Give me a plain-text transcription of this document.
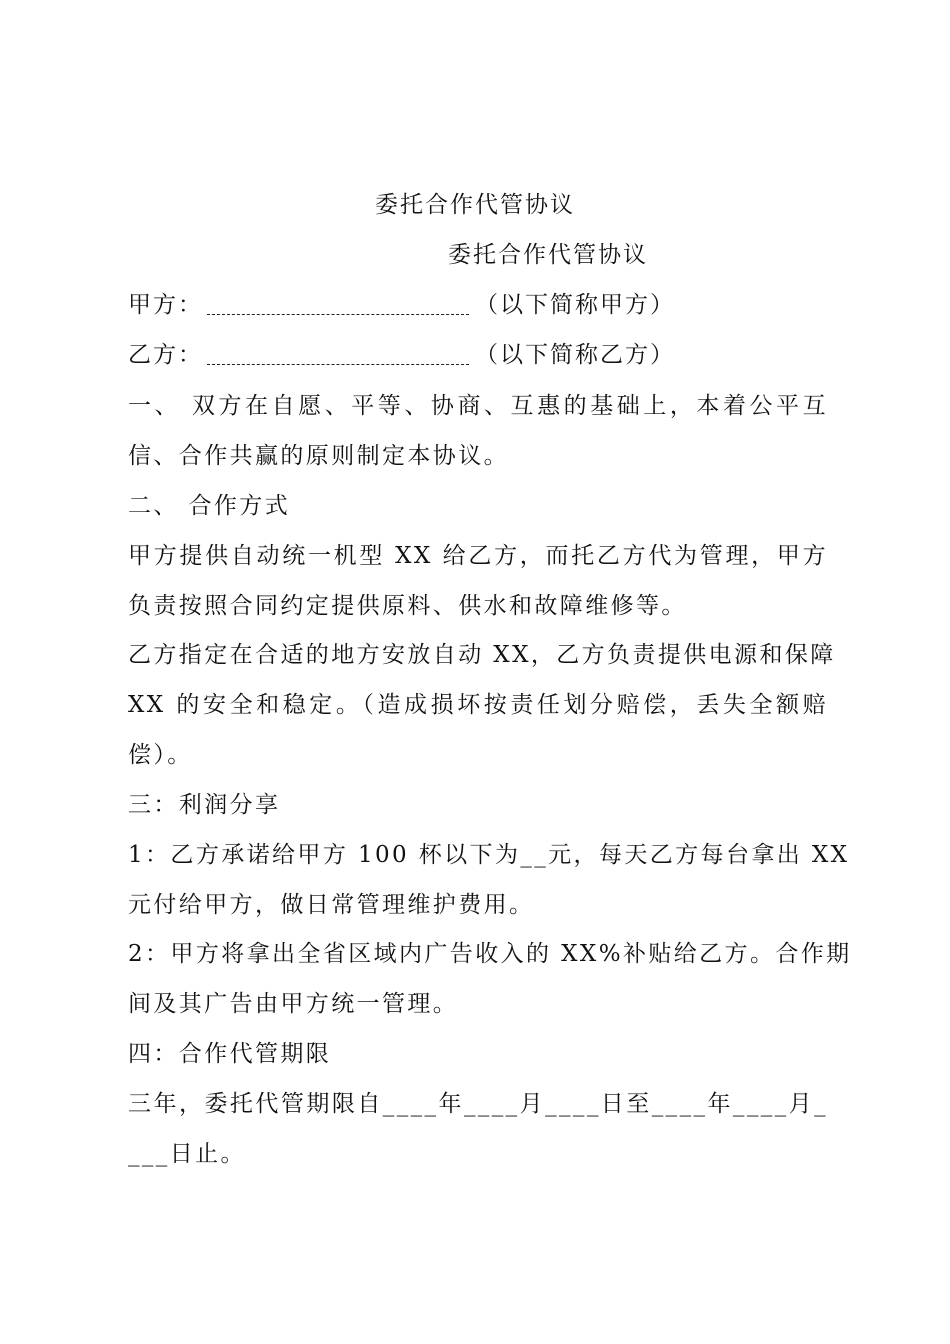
委托合作代管协议
委托合作代管协议
甲方：	（以下简称甲方）
乙方：	（以下简称乙方）
一、 双方在自愿、平等、协商、互惠的基础上，本着公平互
信、合作共赢的原则制定本协议。
二、 合作方式
甲方提供自动统一机型 XX 给乙方，而托乙方代为管理，甲方
负责按照合同约定提供原料、供水和故障维修等。
乙方指定在合适的地方安放自动 XX，乙方负责提供电源和保障
XX 的安全和稳定。（造成损坏按责任划分赔偿，丢失全额赔
偿）。
三：利润分享
1：乙方承诺给甲方 100 杯以下为__元，每天乙方每台拿出 XX
元付给甲方，做日常管理维护费用。
2：甲方将拿出全省区域内广告收入的 XX%补贴给乙方。合作期
间及其广告由甲方统一管理。
四：合作代管期限
三年，委托代管期限自____年____月____日至____年____月_
___日止。
